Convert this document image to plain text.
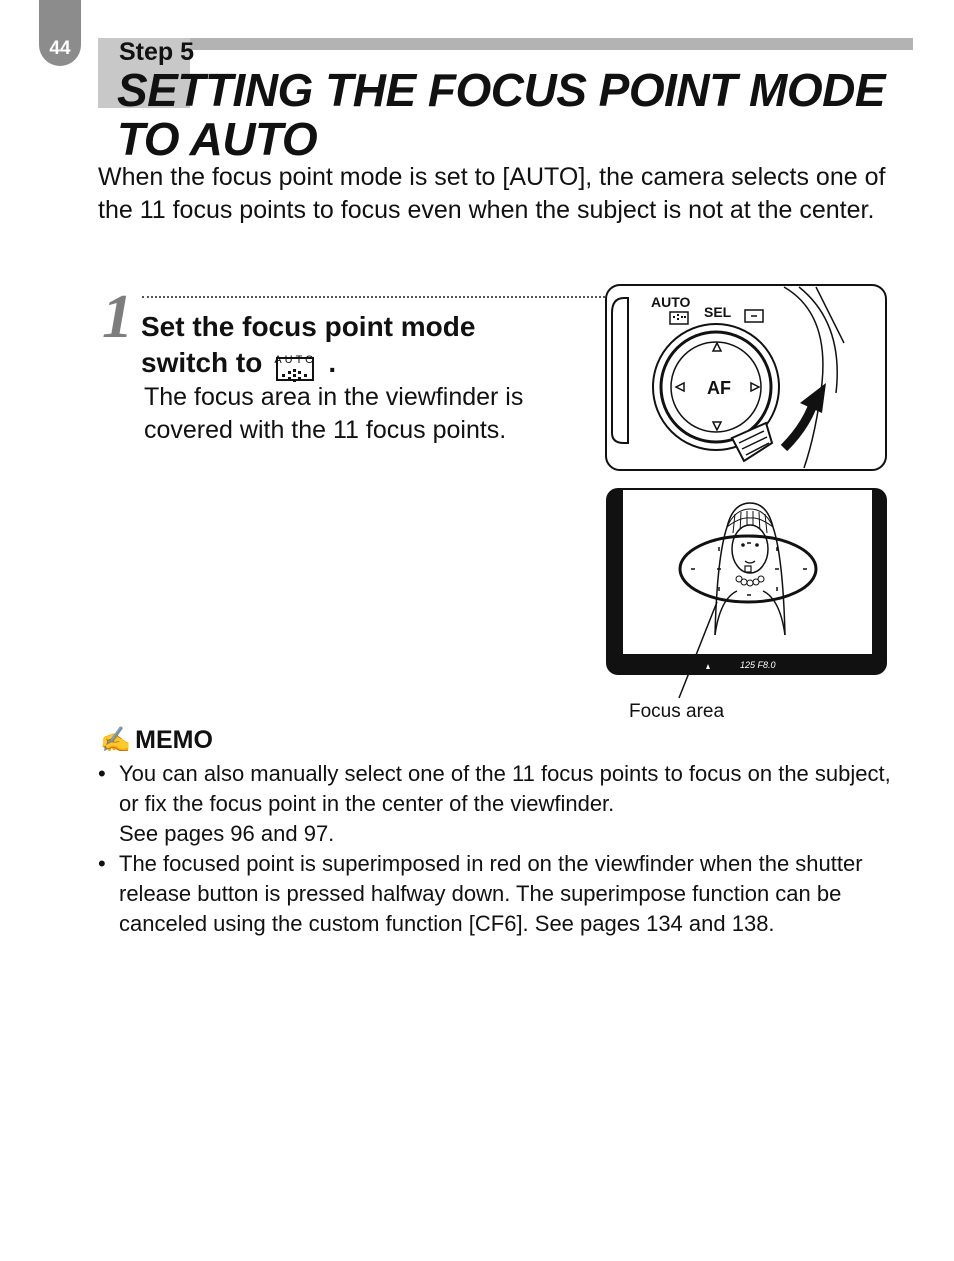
44	Step 5
SETTING THE FOCUS POINT MODE
TO AUTO

When the focus point mode is set to [AUTO], the camera selects one of the 11 focus points to focus even when the subject is not at the center.

1 Set the focus point mode
switch to AUTO .

The focus area in the viewfinder is covered with the 11 focus points.

AUTO
SEL
AF
125 F8.0
Focus area
✍ MEMO
• You can also manually select one of the 11 focus points to focus on the subject, or fix the focus point in the center of the viewfinder.
See pages 96 and 97.
• The focused point is superimposed in red on the viewfinder when the shutter release button is pressed halfway down. The superimpose function can be canceled using the custom function [CF6]. See pages 134 and 138.
